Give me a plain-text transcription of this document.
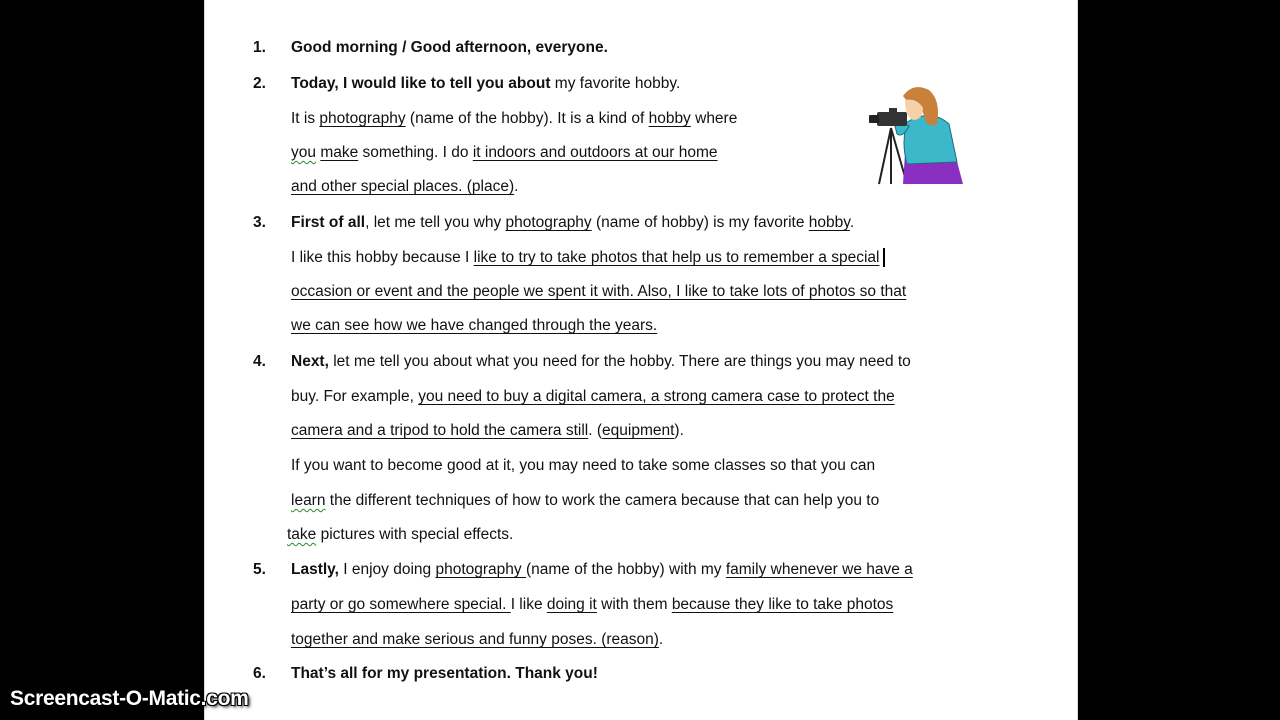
1.	Good morning / Good afternoon, everyone.
2.	Today, I would like to tell you about my favorite hobby.
It is photography (name of the hobby). It is a kind of hobby where
you make something. I do it indoors and outdoors at our home
and other special places. (place).
3.	First of all, let me tell you why photography (name of hobby) is my favorite hobby.
I like this hobby because I like to try to take photos that help us to remember a special
occasion or event and the people we spent it with. Also, I like to take lots of photos so that
we can see how we have changed through the years.
4.	Next, let me tell you about what you need for the hobby. There are things you may need to
buy. For example, you need to buy a digital camera, a strong camera case to protect the
camera and a tripod to hold the camera still. (equipment).
If you want to become good at it, you may need to take some classes so that you can
learn the different techniques of how to work the camera because that can help you to
take pictures with special effects.
5.	Lastly, I enjoy doing photography (name of the hobby) with my family whenever we have a
party or go somewhere special. I like doing it with them because they like to take photos
together and make serious and funny poses. (reason).
6.	That’s all for my presentation. Thank you!
Screencast-O-Matic.com
